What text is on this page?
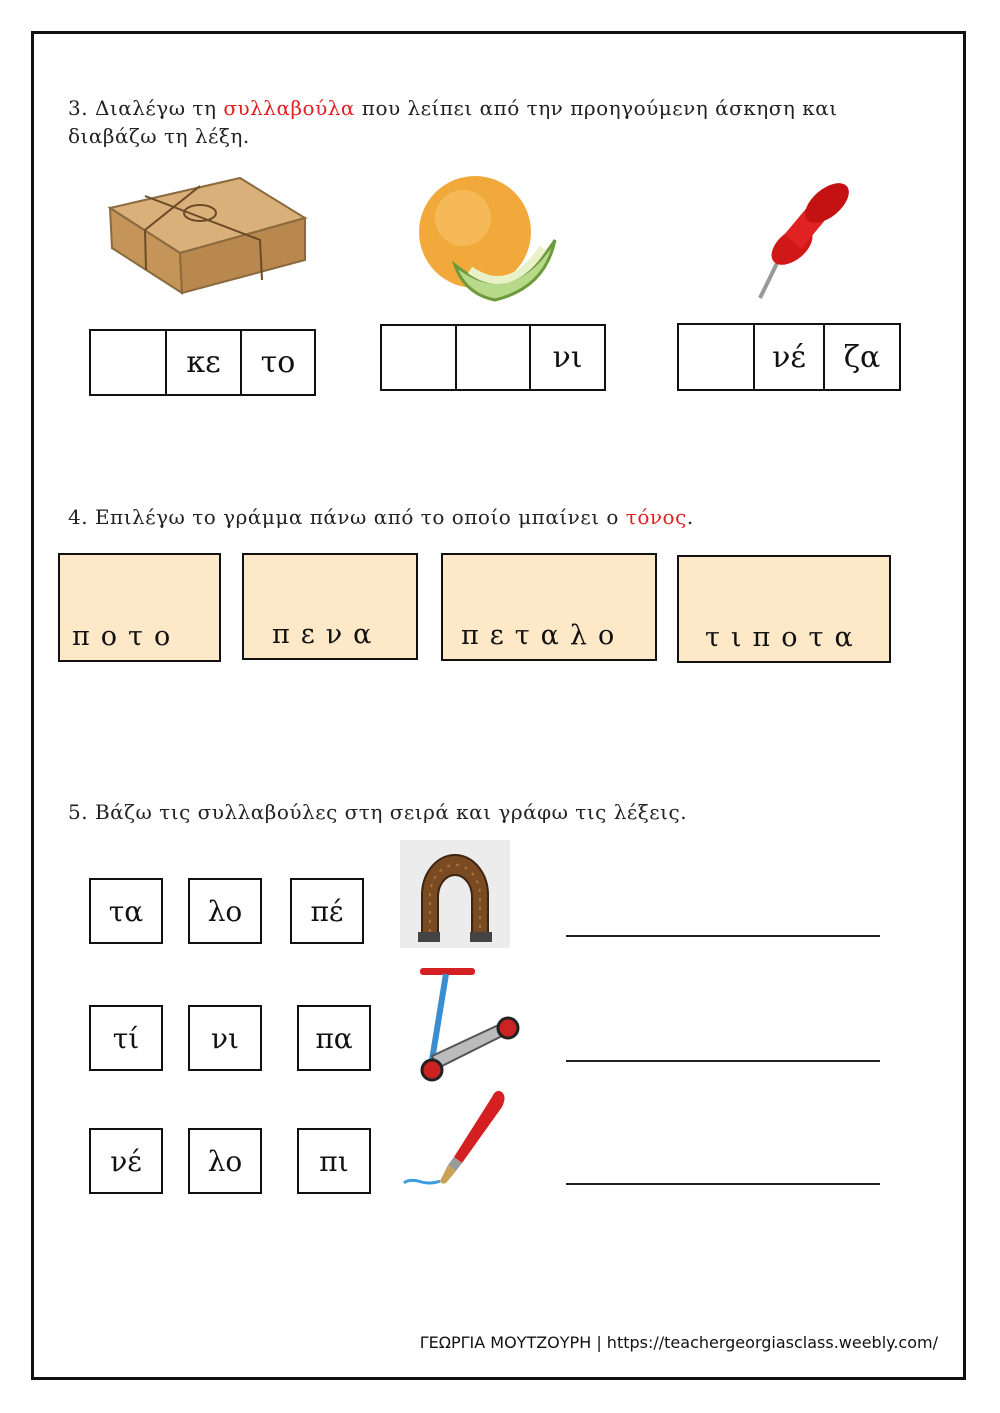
3. Διαλέγω τη συλλαβούλα που λείπει από την προηγούμενη άσκηση και
διαβάζω τη λέξη.
κε	το	νι	νέ	ζα
4. Επιλέγω το γράμμα πάνω από το οποίο μπαίνει ο τόνος.
ποτο	πενα	πεταλο	τιποτα
5. Βάζω τις συλλαβούλες στη σειρά και γράφω τις λέξεις.
τα	λο	πέ
τί	νι	πα
νέ	λο	πι
ΓΕΩΡΓΙΑ ΜΟΥΤΖΟΥΡΗ | https://teachergeorgiasclass.weebly.com/
